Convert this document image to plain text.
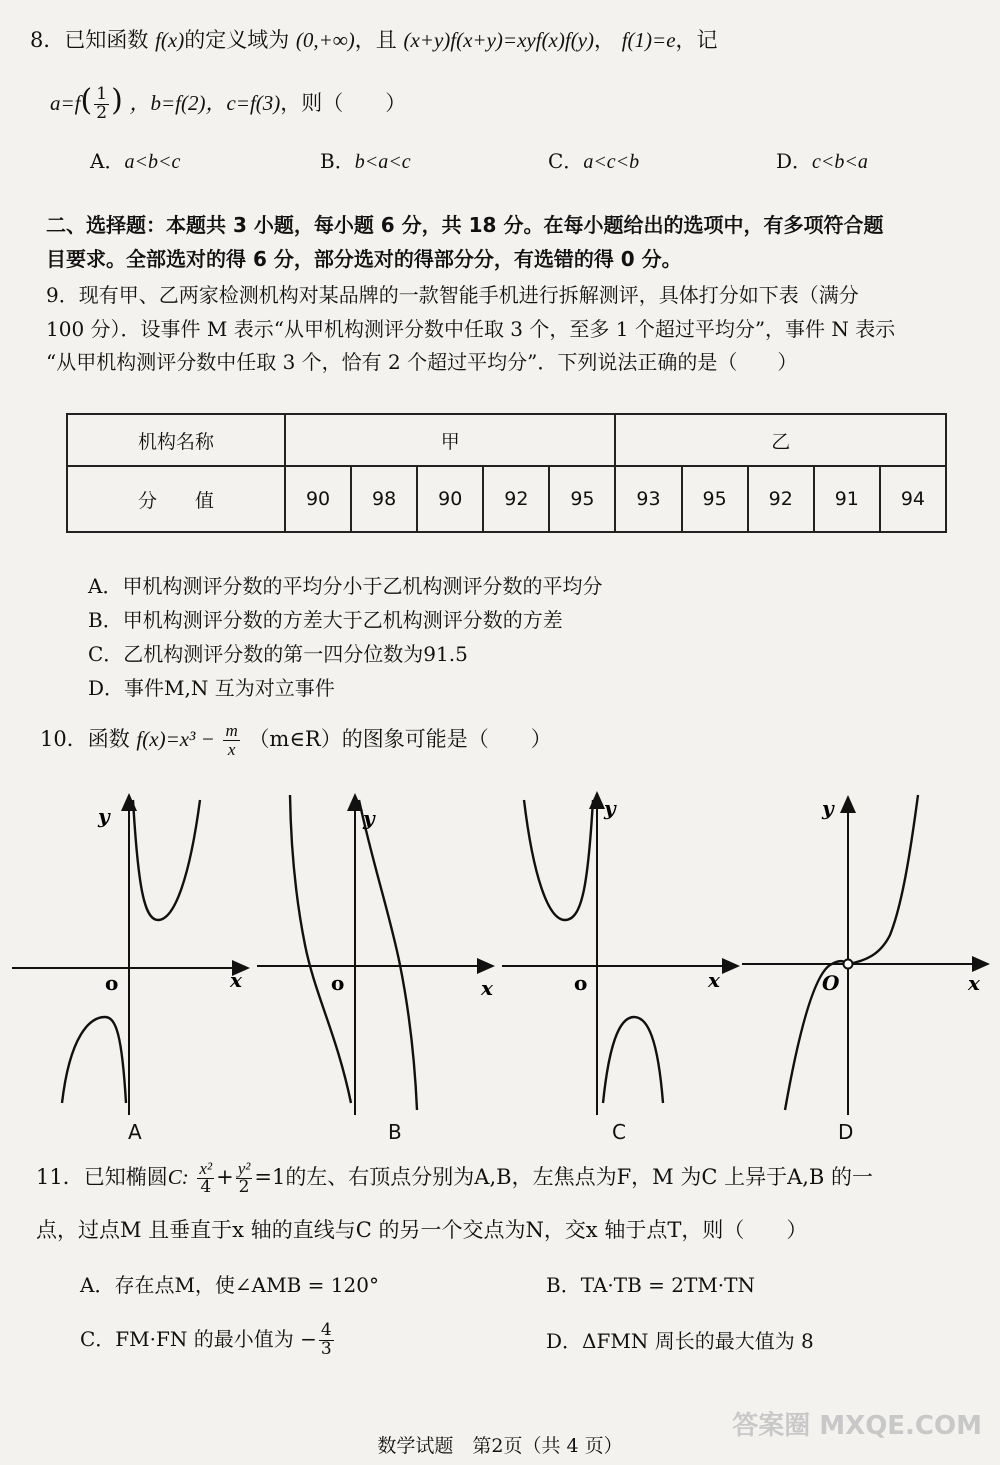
8．已知函数 f(x)的定义域为 (0,+∞)，且 (x+y)f(x+y)=xyf(x)f(y)， f(1)=e，记
$a=f( \frac{1}{2}$ ) ，b=f(2)，c=f(3)，则（　　）
A．a<b<c	B．b<a<c	C．a<c<b	D．c<b<a
二、选择题：本题共 3 小题，每小题 6 分，共 18 分。在每小题给出的选项中，有多项符合题
目要求。全部选对的得 6 分，部分选对的得部分分，有选错的得 0 分。
9．现有甲、乙两家检测机构对某品牌的一款智能手机进行拆解测评，具体打分如下表（满分
100 分）．设事件 M 表示“从甲机构测评分数中任取 3 个，至多 1 个超过平均分”，事件 N 表示
“从甲机构测评分数中任取 3 个，恰有 2 个超过平均分”．下列说法正确的是（　　）
机构名称	甲					乙				
分　　值	90	98	90	92	95	93	95	92	91	94
A．甲机构测评分数的平均分小于乙机构测评分数的平均分
B．甲机构测评分数的方差大于乙机构测评分数的方差
C．乙机构测评分数的第一四分位数为91.5
D．事件M,N 互为对立事件
10．函数 $f(x)=x^3 - \frac{m}{x}$ （m∈R）的图象可能是（　　）
y
o	x
y
o	x
y
o	x
y
O	x
A	B	C	D
11．已知椭圆C: $\frac{\text{x²}}{4} + \frac{\text{y²}}{2} =1$的左、右顶点分别为A,B，左焦点为F，M 为C 上异于A,B 的一
点，过点M 且垂直于x 轴的直线与C 的另一个交点为N，交x 轴于点T，则（　　）
A．存在点M，使∠AMB = 120°	B．TA·TB = 2TM·TN
C．FM·FN 的最小值为 − $\frac{4}{3}$	D．ΔFMN 周长的最大值为 8
数学试题　第2页（共 4 页）
答案圈 MXQE.COM
